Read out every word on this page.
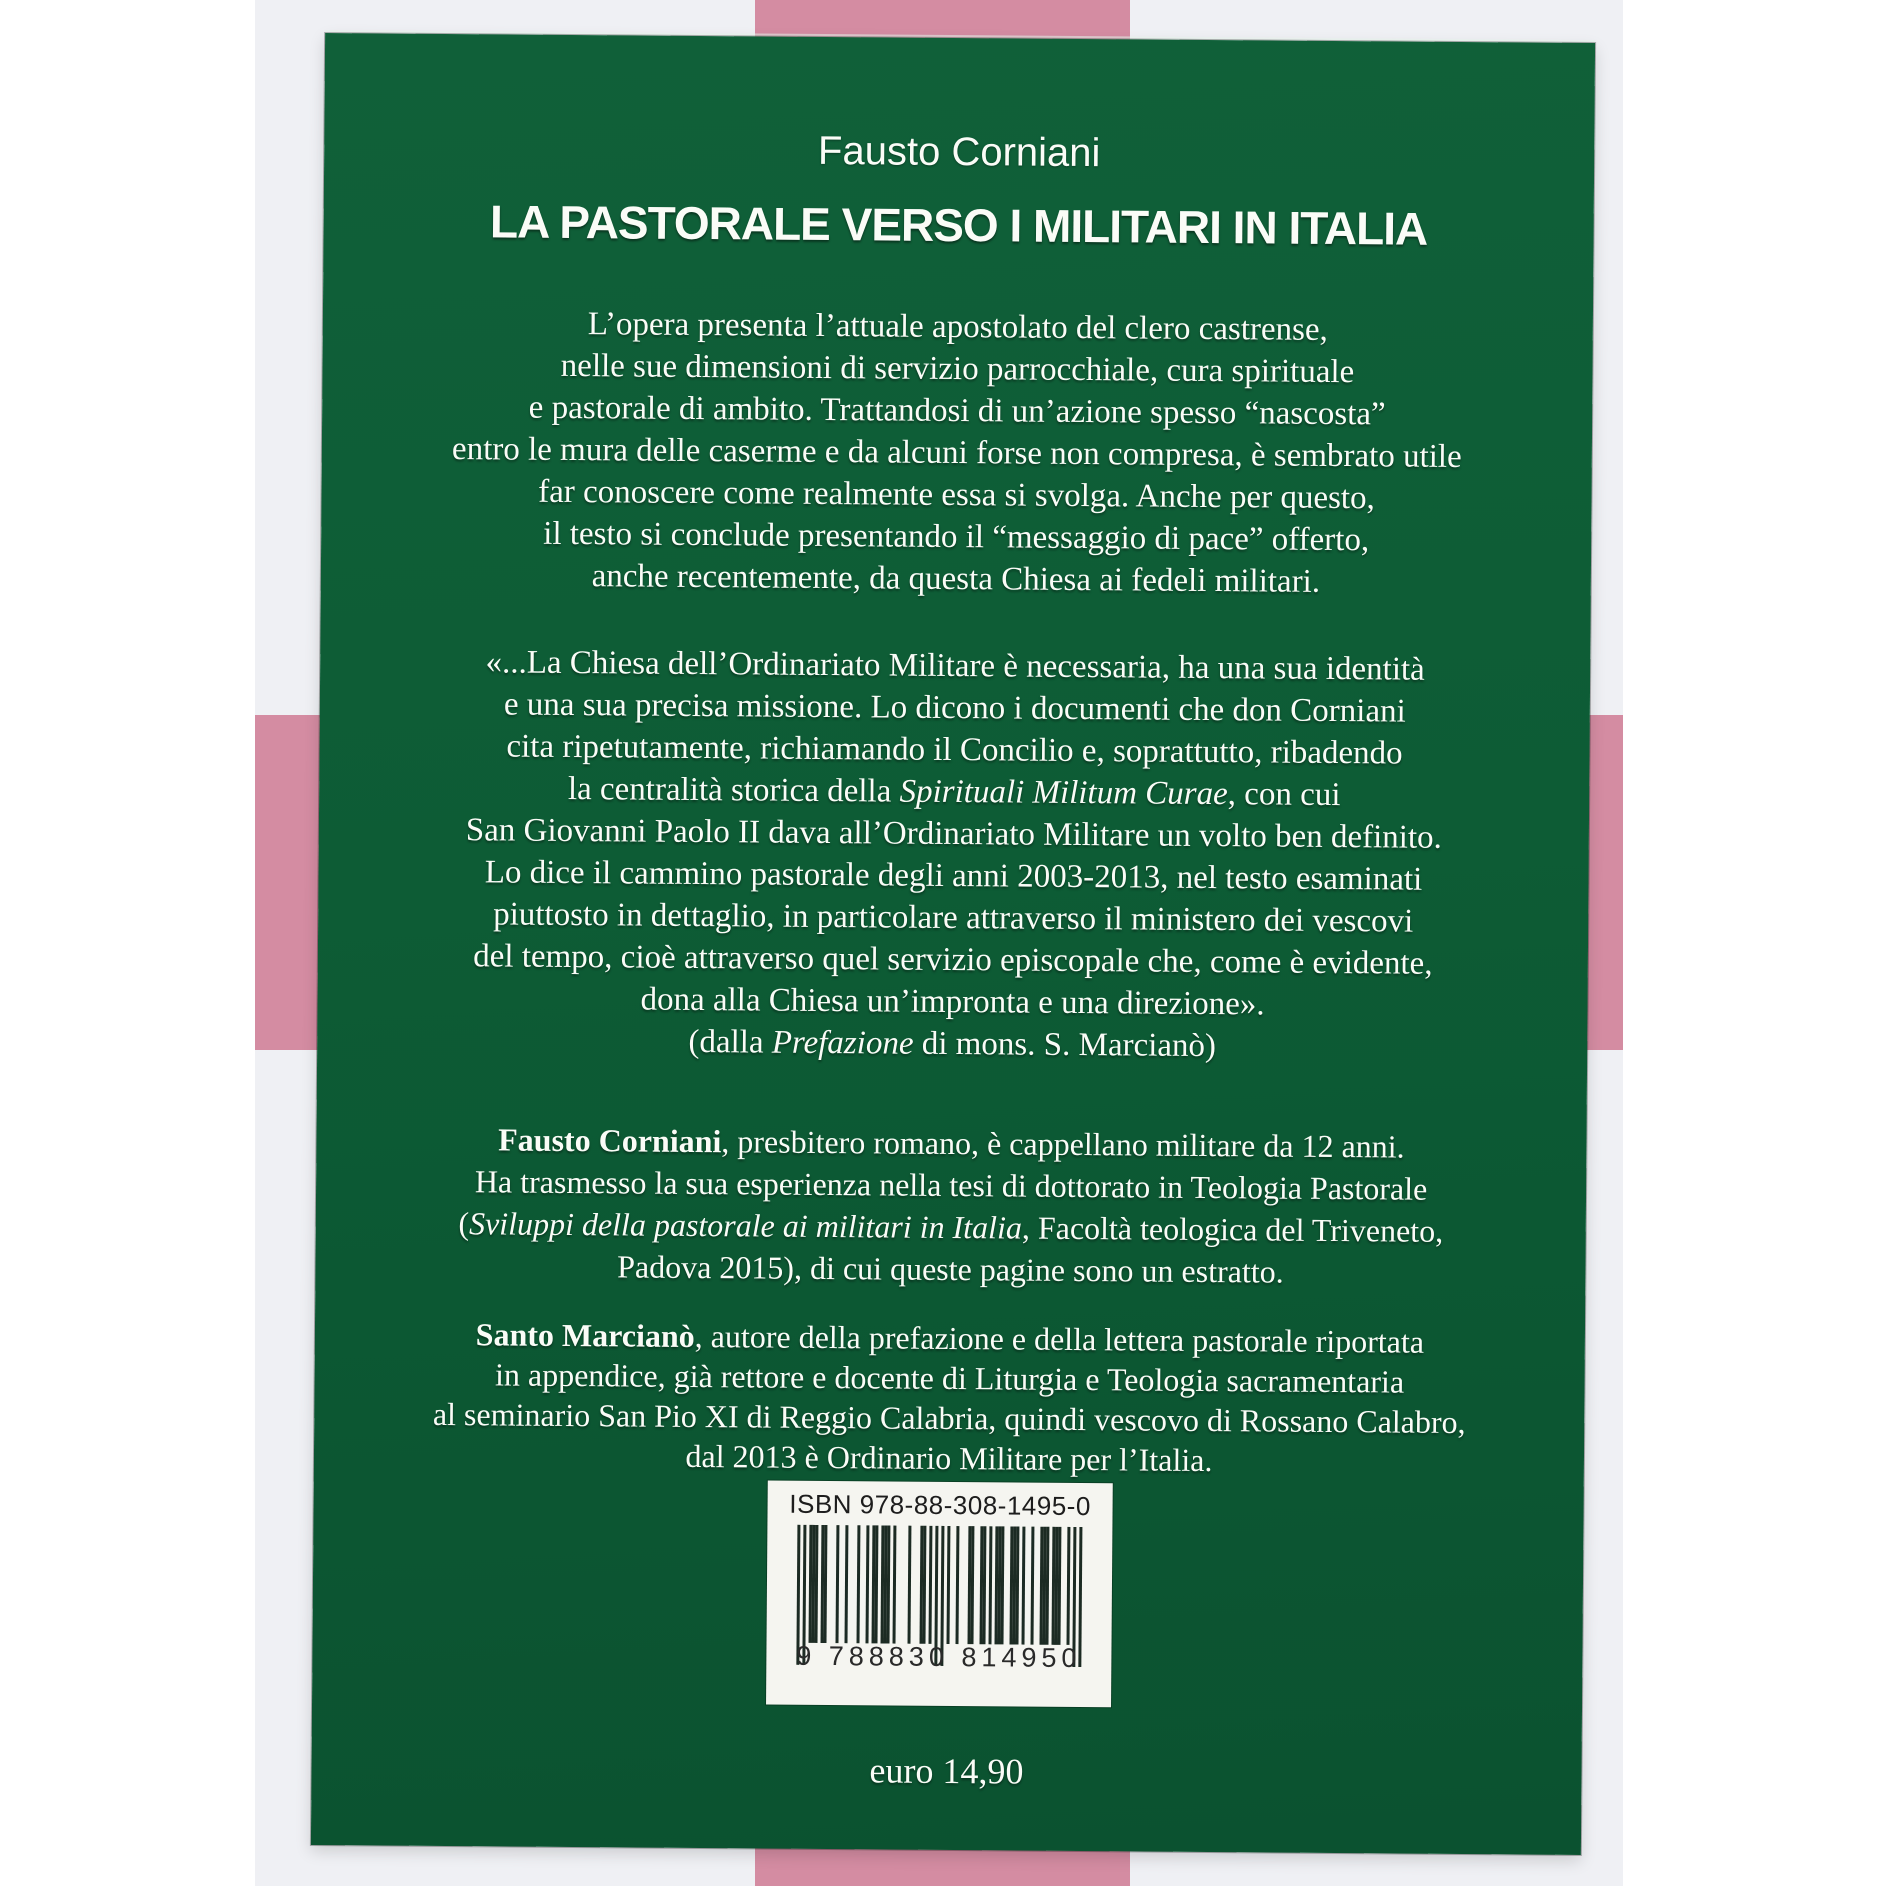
Fausto Corniani
LA PASTORALE VERSO I MILITARI IN ITALIA
L’opera presenta l’attuale apostolato del clero castrense,
nelle sue dimensioni di servizio parrocchiale, cura spirituale
e pastorale di ambito. Trattandosi di un’azione spesso “nascosta”
entro le mura delle caserme e da alcuni forse non compresa, è sembrato utile
far conoscere come realmente essa si svolga. Anche per questo,
il testo si conclude presentando il “messaggio di pace” offerto,
anche recentemente, da questa Chiesa ai fedeli militari.
«...La Chiesa dell’Ordinariato Militare è necessaria, ha una sua identità
e una sua precisa missione. Lo dicono i documenti che don Corniani
cita ripetutamente, richiamando il Concilio e, soprattutto, ribadendo
la centralità storica della Spirituali Militum Curae, con cui
San Giovanni Paolo II dava all’Ordinariato Militare un volto ben definito.
Lo dice il cammino pastorale degli anni 2003-2013, nel testo esaminati
piuttosto in dettaglio, in particolare attraverso il ministero dei vescovi
del tempo, cioè attraverso quel servizio episcopale che, come è evidente,
dona alla Chiesa un’impronta e una direzione».
(dalla Prefazione di mons. S. Marcianò)
Fausto Corniani, presbitero romano, è cappellano militare da 12 anni.
Ha trasmesso la sua esperienza nella tesi di dottorato in Teologia Pastorale
(Sviluppi della pastorale ai militari in Italia, Facoltà teologica del Triveneto,
Padova 2015), di cui queste pagine sono un estratto.
Santo Marcianò, autore della prefazione e della lettera pastorale riportata
in appendice, già rettore e docente di Liturgia e Teologia sacramentaria
al seminario San Pio XI di Reggio Calabria, quindi vescovo di Rossano Calabro,
dal 2013 è Ordinario Militare per l’Italia.
ISBN 978-88-308-1495-0
9 788830 814950
euro 14,90
